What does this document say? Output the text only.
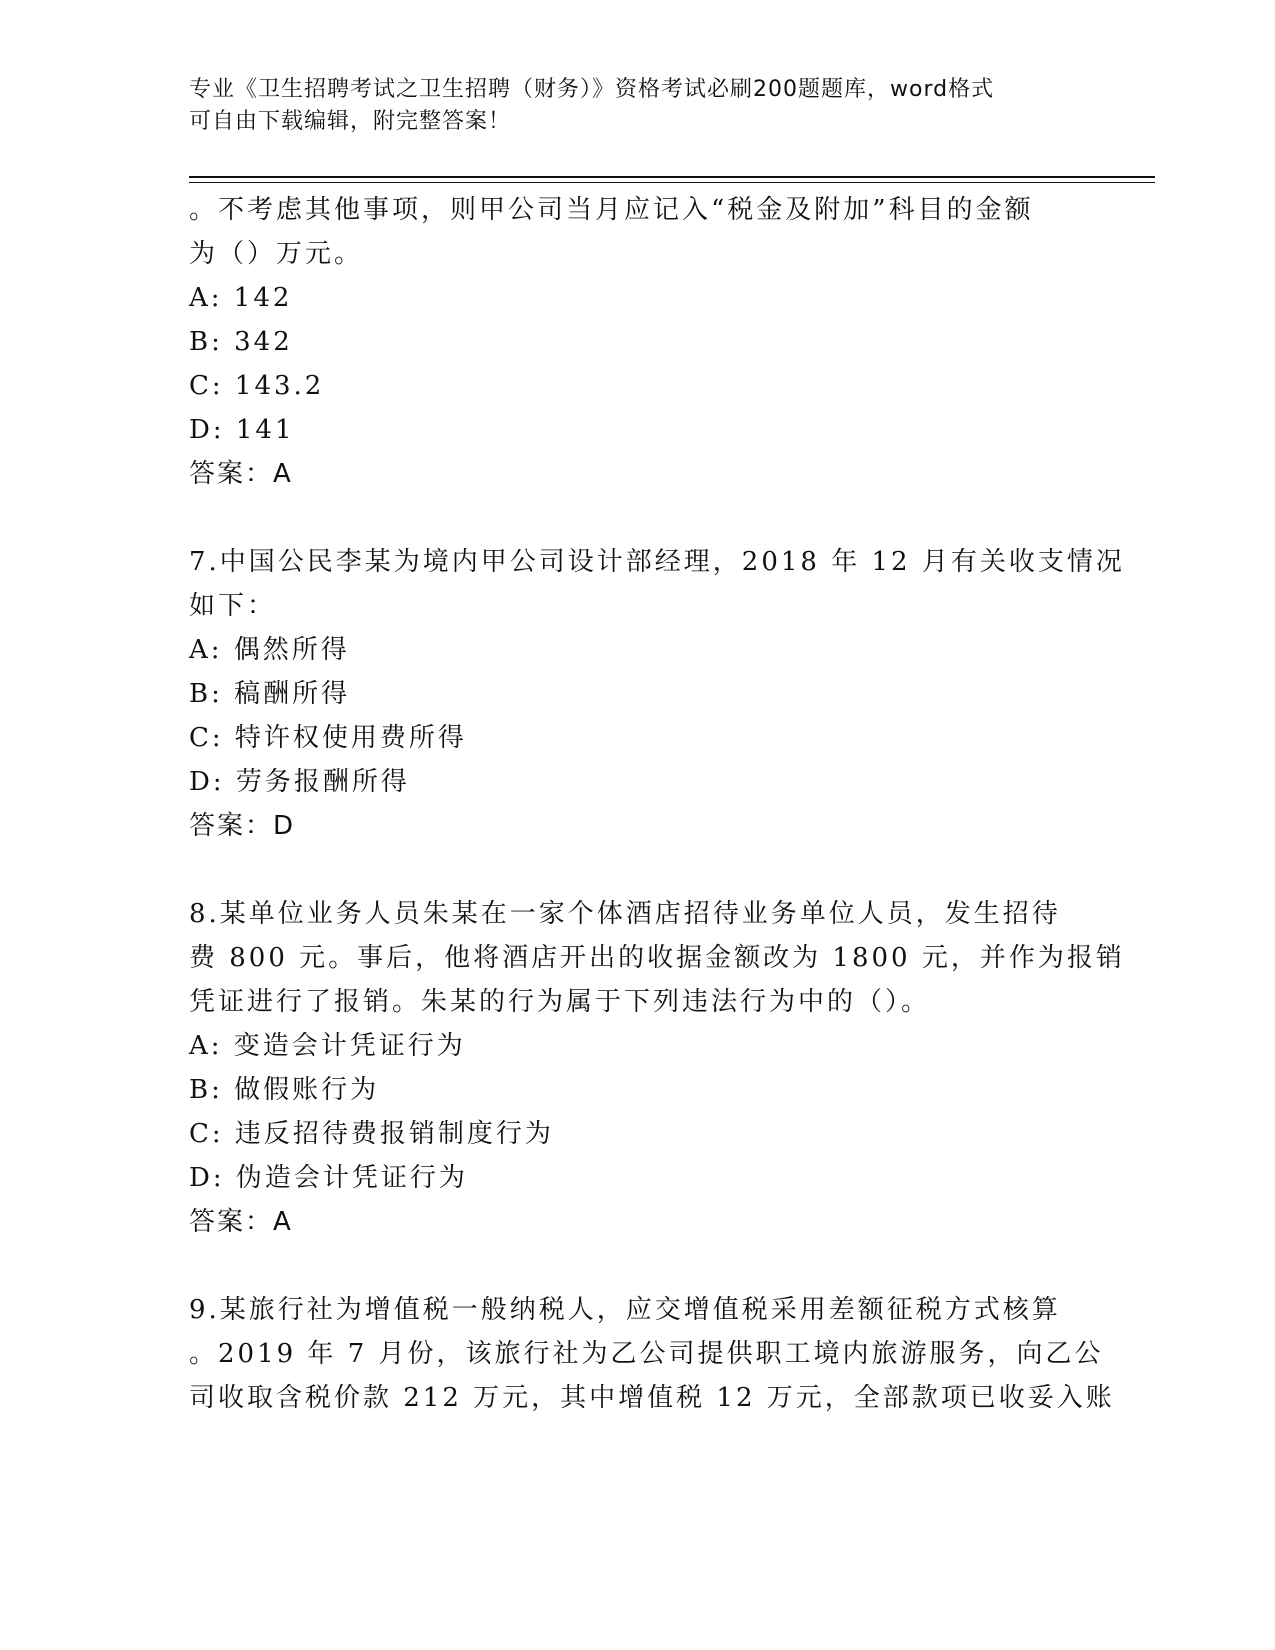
专业《卫生招聘考试之卫生招聘（财务）》资格考试必刷200题题库，word格式
可自由下载编辑，附完整答案！
。不考虑其他事项，则甲公司当月应记入“税金及附加”科目的金额
为（）万元。
A: 142
B: 342
C: 143.2
D: 141
答案：A
7.中国公民李某为境内甲公司设计部经理，2018 年 12 月有关收支情况
如下：
A: 偶然所得
B: 稿酬所得
C: 特许权使用费所得
D: 劳务报酬所得
答案：D
8.某单位业务人员朱某在一家个体酒店招待业务单位人员，发生招待
费 800 元。事后，他将酒店开出的收据金额改为 1800 元，并作为报销
凭证进行了报销。朱某的行为属于下列违法行为中的（）。
A: 变造会计凭证行为
B: 做假账行为
C: 违反招待费报销制度行为
D: 伪造会计凭证行为
答案：A
9.某旅行社为增值税一般纳税人，应交增值税采用差额征税方式核算
。2019 年 7 月份，该旅行社为乙公司提供职工境内旅游服务，向乙公
司收取含税价款 212 万元，其中增值税 12 万元，全部款项已收妥入账
